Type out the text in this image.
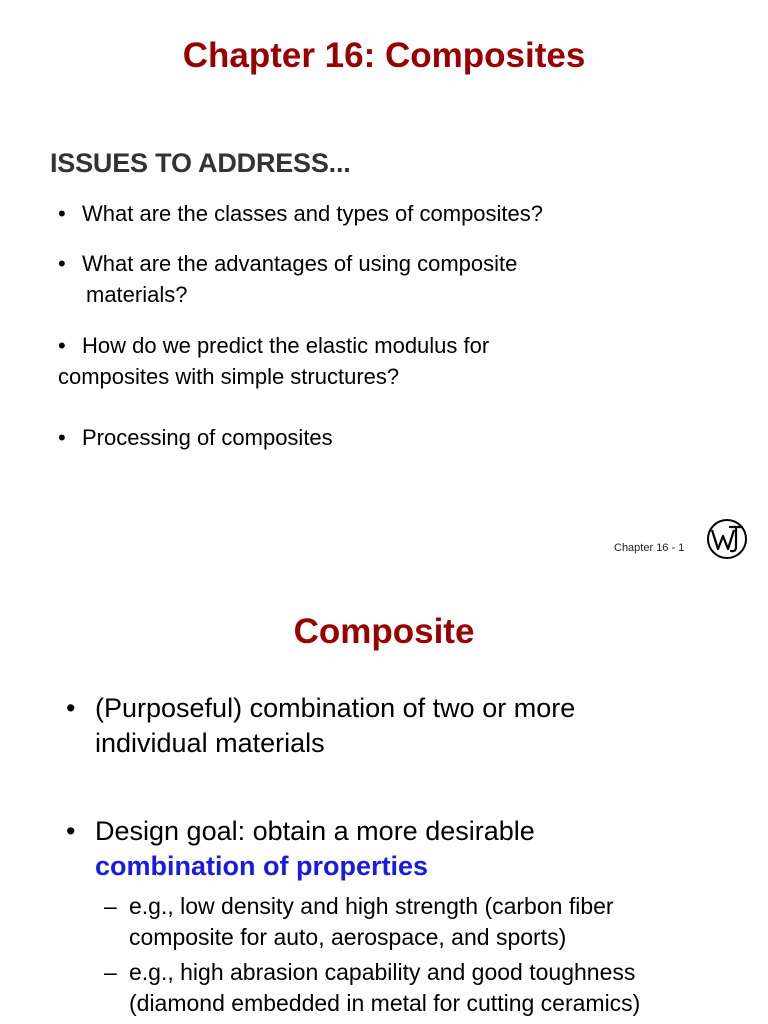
Chapter 16: Composites
ISSUES TO ADDRESS...

• What are the classes and types of composites?

• What are the advantages of using composite
materials?

• How do we predict the elastic modulus for
composites with simple structures?

• Processing of composites

Chapter 16 - 1
Composite

• (Purposeful) combination of two or more
individual materials

• Design goal: obtain a more desirable
combination of properties

– e.g., low density and high strength (carbon fiber
composite for auto, aerospace, and sports)

– e.g., high abrasion capability and good toughness
(diamond embedded in metal for cutting ceramics)
